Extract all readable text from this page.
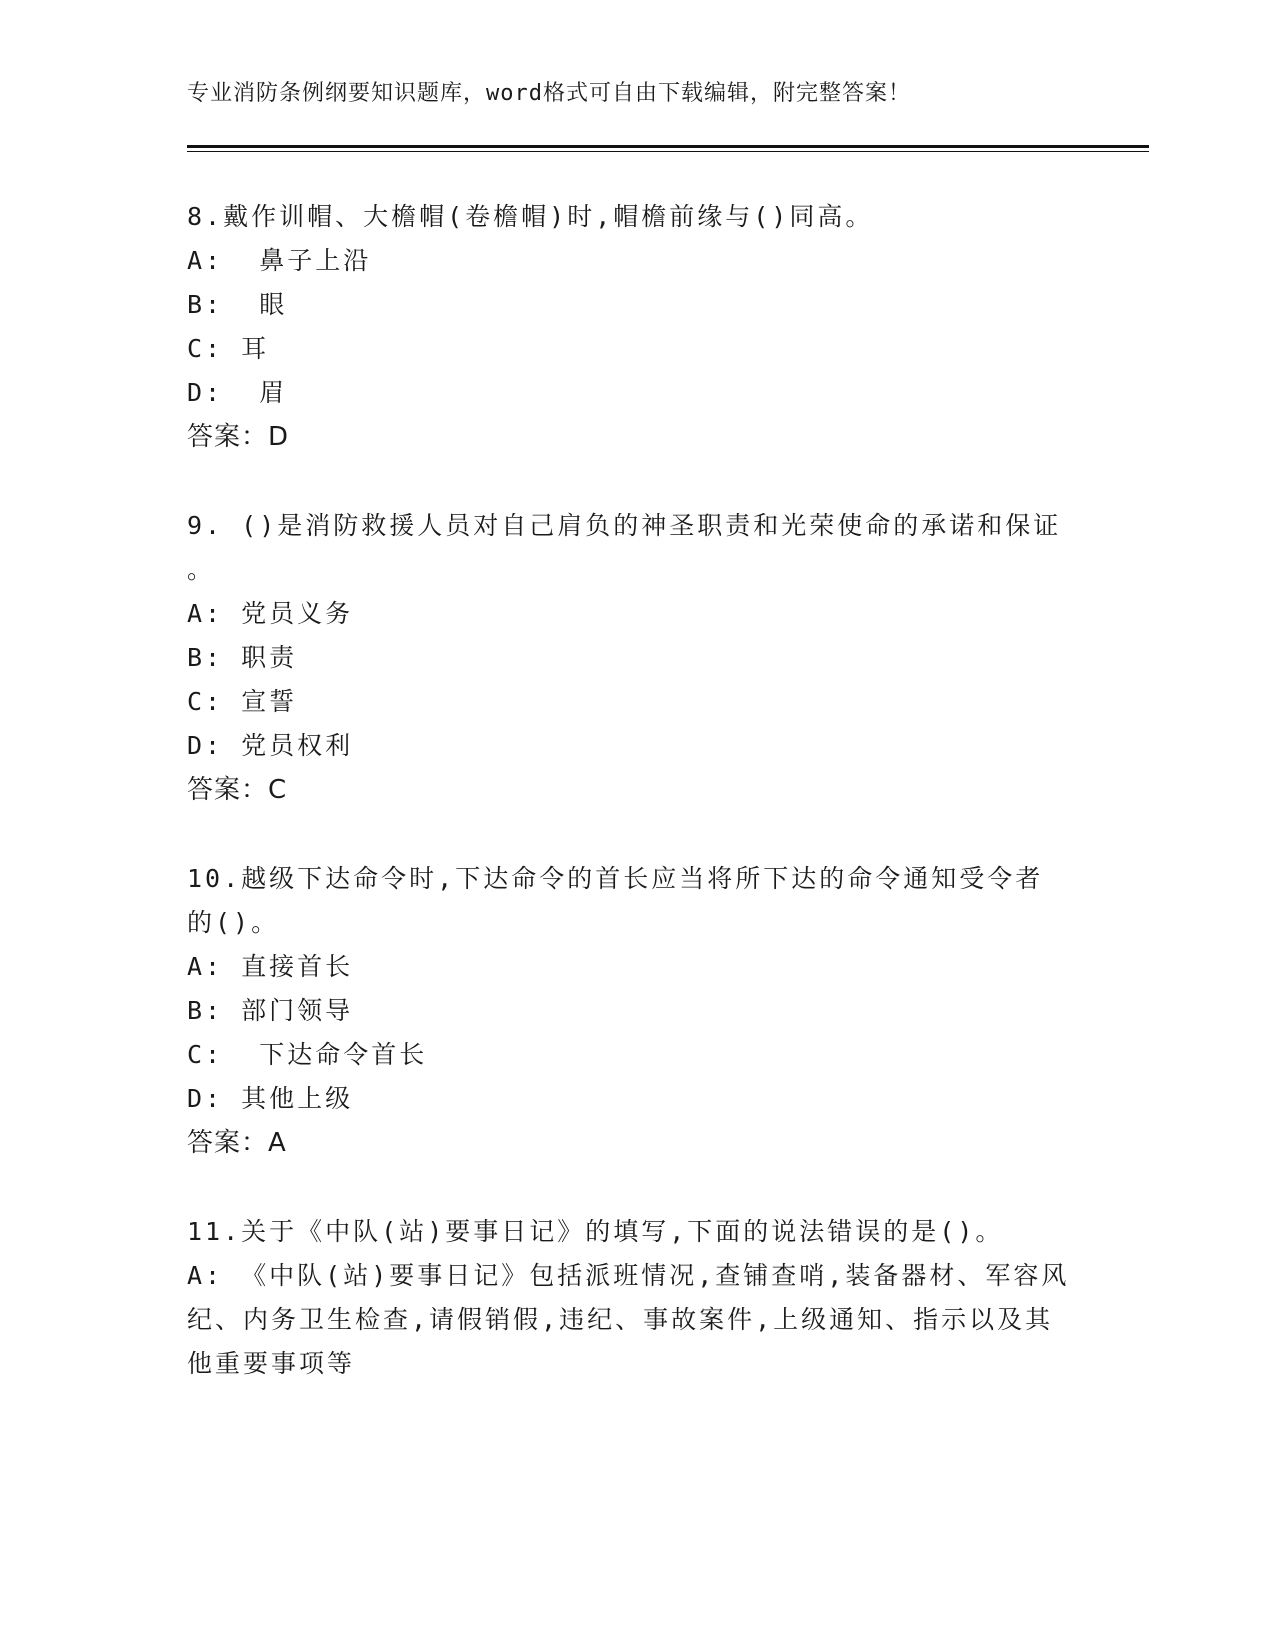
专业消防条例纲要知识题库，word格式可自由下载编辑，附完整答案！
8.戴作训帽、大檐帽(卷檐帽)时,帽檐前缘与()同高。
A:  鼻子上沿
B:  眼
C: 耳
D:  眉
答案：D
9. ()是消防救援人员对自己肩负的神圣职责和光荣使命的承诺和保证
。
A: 党员义务
B: 职责
C: 宣誓
D: 党员权利
答案：C
10.越级下达命令时,下达命令的首长应当将所下达的命令通知受令者
的()。
A: 直接首长
B: 部门领导
C:  下达命令首长
D: 其他上级
答案：A
11.关于《中队(站)要事日记》的填写,下面的说法错误的是()。
A: 《中队(站)要事日记》包括派班情况,查铺查哨,装备器材、军容风
纪、内务卫生检查,请假销假,违纪、事故案件,上级通知、指示以及其
他重要事项等
